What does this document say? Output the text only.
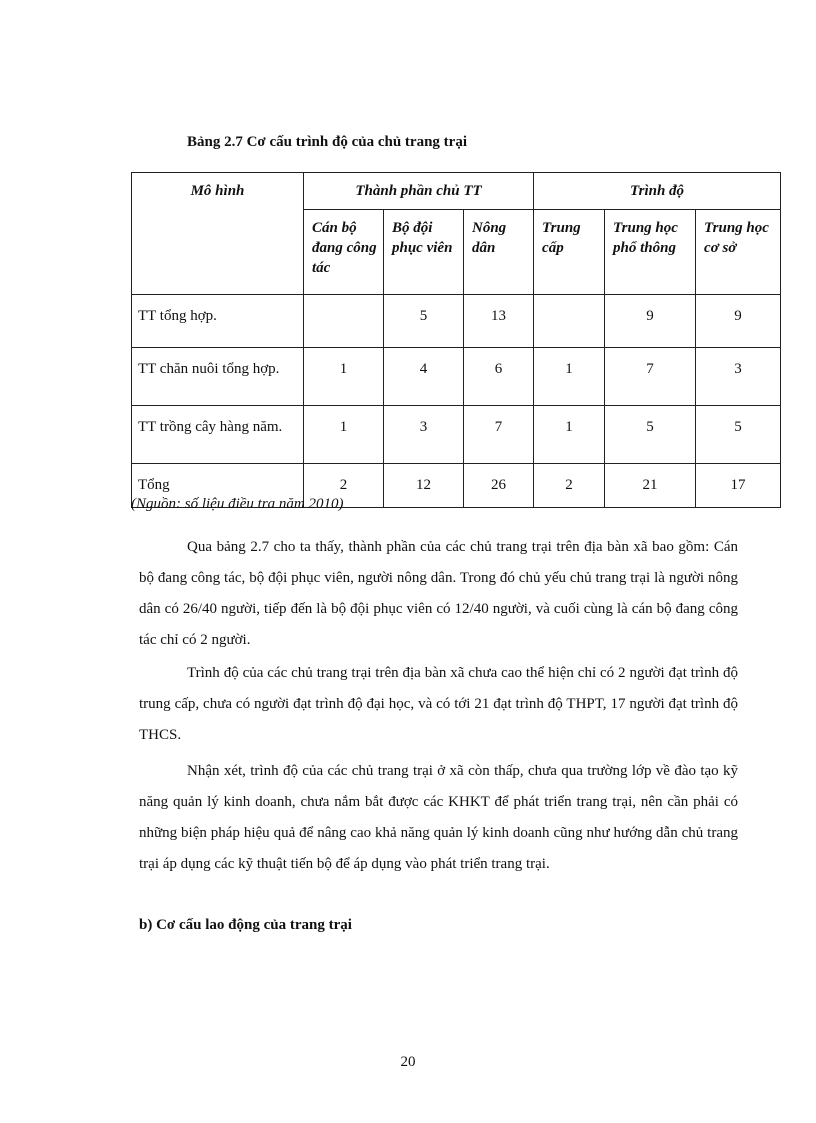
Bảng 2.7 Cơ cấu trình độ của chủ trang trại
Mô hình	Thành phần chủ TT			Trình độ		
	Cán bộ đang công tác	Bộ đội phục viên	Nông dân	Trung cấp	Trung học phổ thông	Trung học cơ sở
TT tổng hợp.		5	13		9	9
TT chăn nuôi tổng hợp.	1	4	6	1	7	3
TT trồng cây hàng năm.	1	3	7	1	5	5
Tổng	2	12	26	2	21	17
(Nguồn: số liệu điều tra năm 2010)

Qua bảng 2.7 cho ta thấy, thành phần của các chủ trang trại trên địa bàn xã bao gồm: Cán bộ đang công tác, bộ đội phục viên, người nông dân. Trong đó chủ yếu chủ trang trại là người nông dân có 26/40 người, tiếp đến là bộ đội phục viên có 12/40 người, và cuối cùng là cán bộ đang công tác chỉ có 2 người.

Trình độ của các chủ trang trại trên địa bàn xã chưa cao thể hiện chỉ có 2 người đạt trình độ trung cấp, chưa có người đạt trình độ đại học, và có tới 21 đạt trình độ THPT, 17 người đạt trình độ THCS.

Nhận xét, trình độ của các chủ trang trại ở xã còn thấp, chưa qua trường lớp về đào tạo kỹ năng quản lý kinh doanh, chưa nắm bắt được các KHKT để phát triển trang trại, nên cần phải có những biện pháp hiệu quả để nâng cao khả năng quản lý kinh doanh cũng như hướng dẫn chủ trang trại áp dụng các kỹ thuật tiến bộ để áp dụng vào phát triển trang trại.

b) Cơ cấu lao động của trang trại
20
